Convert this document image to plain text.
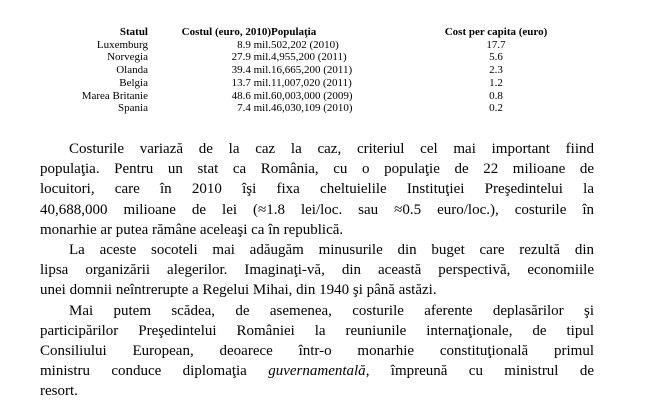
Statul	Costul (euro, 2010)	Populaţia	Cost per capita (euro)
Luxemburg	8.9 mil.	502,202 (2010)	17.7
Norvegia	27.9 mil.	4,955,200 (2011)	5.6
Olanda	39.4 mil.	16,665,200 (2011)	2.3
Belgia	13.7 mil.	11,007,020 (2011)	1.2
Marea Britanie	48.6 mil.	60,003,000 (2009)	0.8
Spania	7.4 mil.	46,030,109 (2010)	0.2
Costurile variază de la caz la caz, criteriul cel mai important fiind
populaţia. Pentru un stat ca România, cu o populaţie de 22 milioane de
locuitori, care în 2010 îşi fixa cheltuielile Instituţiei Preşedintelui la
40,688,000 milioane de lei (≈1.8 lei/loc. sau ≈0.5 euro/loc.), costurile în
monarhie ar putea rămâne aceleaşi ca în republică.
La aceste socoteli mai adăugăm minusurile din buget care rezultă din
lipsa organizării alegerilor. Imaginaţi-vă, din această perspectivă, economiile
unei domnii neîntrerupte a Regelui Mihai, din 1940 şi până astăzi.
Mai putem scădea, de asemenea, costurile aferente deplasărilor şi
participărilor Preşedintelui României la reuniunile internaţionale, de tipul
Consiliului European, deoarece într-o monarhie constituţională primul
ministru conduce diplomaţia guvernamentală, împreună cu ministrul de
resort.
